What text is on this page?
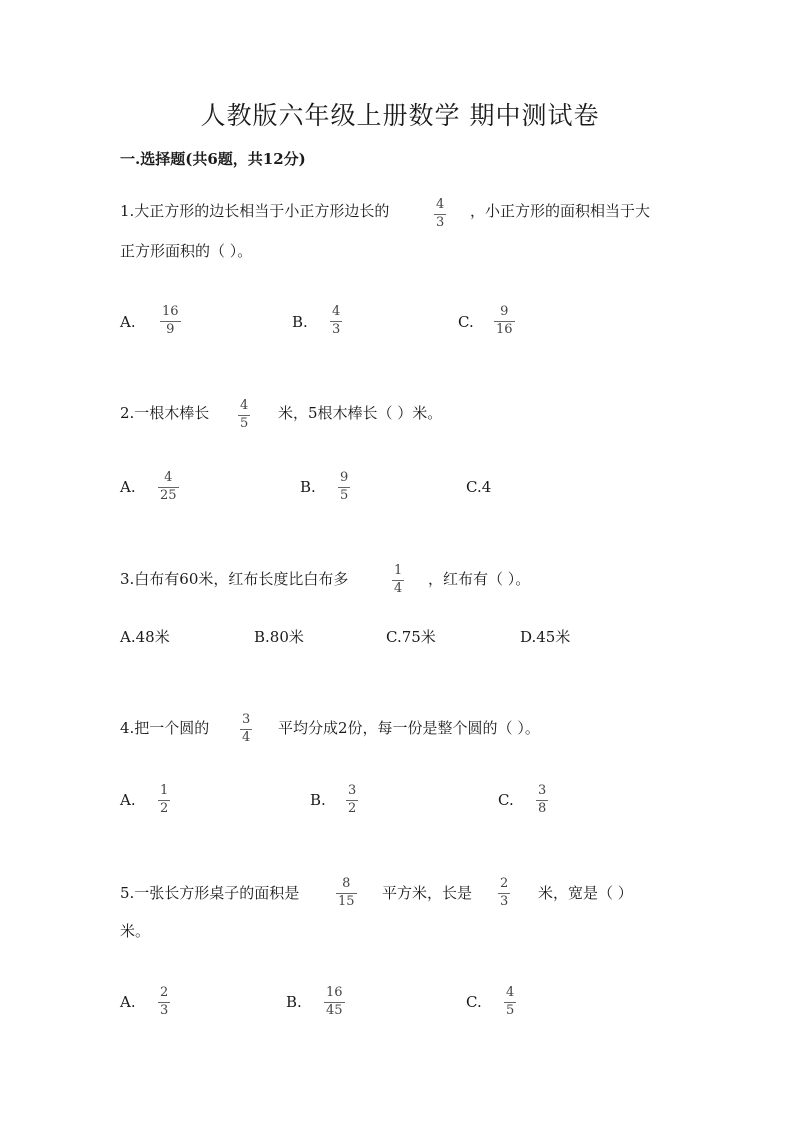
人教版六年级上册数学 期中测试卷
一.选择题(共6题，共12分)
1.大正方形的边长相当于小正方形边长的	4
3
，小正方形的面积相当于大
正方形面积的（ ）。
A.
16
9	B.
4
3	C.
9
16
2.一根木棒长 4
5
米，5根木棒长（ ）米。
A.
4
25	B.
9
5	C.4
3.白布有60米，红布长度比白布多	1
4
，红布有（ ）。
A.48米	B.80米	C.75米	D.45米
4.把一个圆的	3
4
平均分成2份，每一份是整个圆的（ ）。
A.
1
2	B.
3
2	C.
3
8
5.一张长方形桌子的面积是
8
15 平方米，长是
2
3 米，宽是（ ）
米。
A.
2
3	B.
16
45	C.
4
5
